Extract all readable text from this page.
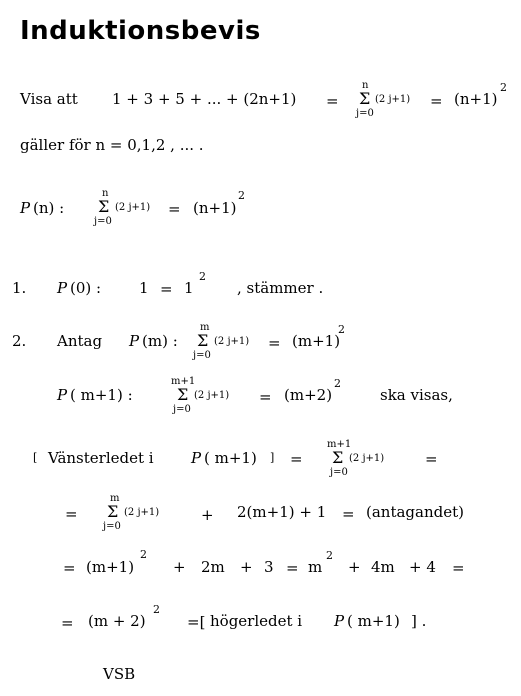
Induktionsbevis
Visa att 1 + 3 + 5 + ... + (2n+1) =
n
Σ
j=0
(2 j+1) = (n+1)
2
gäller för n = 0,1,2 , ... .
P (n) :
n
Σ
j=0
(2 j+1) = (n+1)
2
1. P (0) :	1 = 1
2
, stämmer .
2. Antag P (m) :
m
Σ
j=0
(2 j+1) = (m+1)
2
P ( m+1) :
m+1
Σ
j=0
(2 j+1) = (m+2)
2
ska visas,
[ Vänsterledet i P ( m+1) ] =
m+1
Σ
j=0
(2 j+1)	=
=
m
Σ
j=0
(2 j+1)	+ 2(m+1) + 1 = (antagandet)
= (m+1)
2
+ 2m + 3 = m
2
+ 4m + 4 =
= (m + 2)
2
=[ högerledet i P ( m+1) ] .
VSB
